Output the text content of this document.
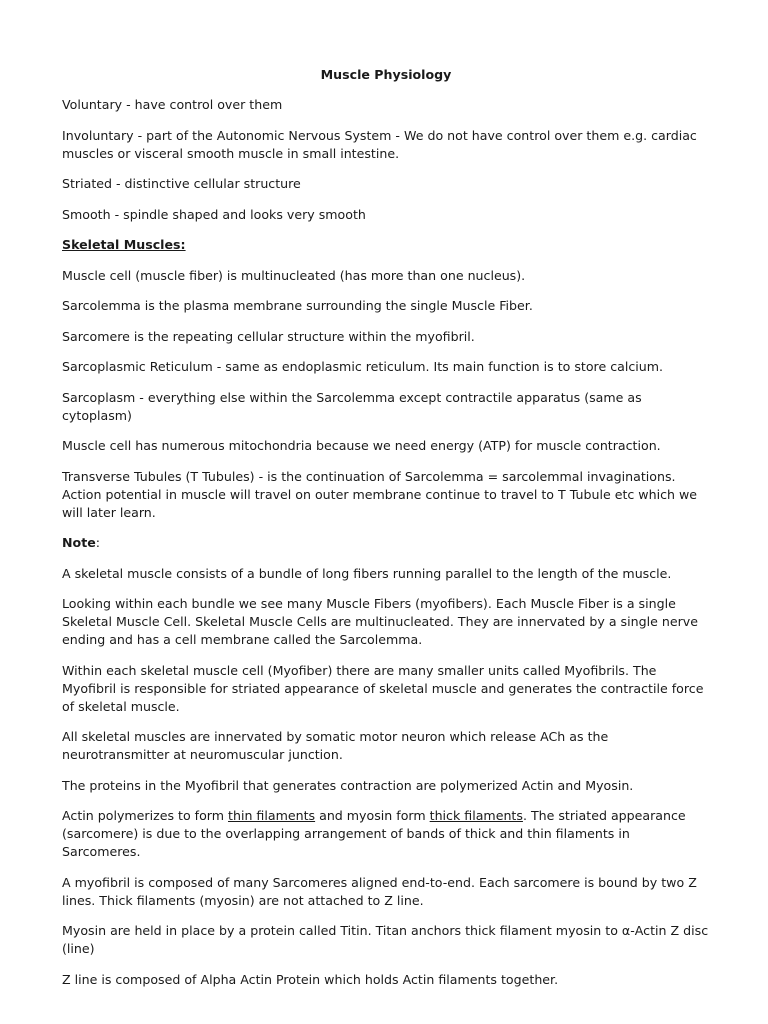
Muscle Physiology
Voluntary - have control over them
Involuntary - part of the Autonomic Nervous System - We do not have control over them e.g. cardiac muscles or visceral smooth muscle in small intestine.
Striated - distinctive cellular structure
Smooth - spindle shaped and looks very smooth
Skeletal Muscles:
Muscle cell (muscle fiber) is multinucleated (has more than one nucleus).
Sarcolemma is the plasma membrane surrounding the single Muscle Fiber.
Sarcomere is the repeating cellular structure within the myofibril.
Sarcoplasmic Reticulum - same as endoplasmic reticulum. Its main function is to store calcium.
Sarcoplasm - everything else within the Sarcolemma except contractile apparatus (same as cytoplasm)
Muscle cell has numerous mitochondria because we need energy (ATP) for muscle contraction.
Transverse Tubules (T Tubules) - is the continuation of Sarcolemma = sarcolemmal invaginations. Action potential in muscle will travel on outer membrane continue to travel to T Tubule etc which we will later learn.
Note:
A skeletal muscle consists of a bundle of long fibers running parallel to the length of the muscle.
Looking within each bundle we see many Muscle Fibers (myofibers). Each Muscle Fiber is a single Skeletal Muscle Cell. Skeletal Muscle Cells are multinucleated. They are innervated by a single nerve ending and has a cell membrane called the Sarcolemma.
Within each skeletal muscle cell (Myofiber) there are many smaller units called Myofibrils. The Myofibril is responsible for striated appearance of skeletal muscle and generates the contractile force of skeletal muscle.
All skeletal muscles are innervated by somatic motor neuron which release ACh as the neurotransmitter at neuromuscular junction.
The proteins in the Myofibril that generates contraction are polymerized Actin and Myosin.
Actin polymerizes to form thin filaments and myosin form thick filaments. The striated appearance (sarcomere) is due to the overlapping arrangement of bands of thick and thin filaments in Sarcomeres.
A myofibril is composed of many Sarcomeres aligned end-to-end. Each sarcomere is bound by two Z lines. Thick filaments (myosin) are not attached to Z line.
Myosin are held in place by a protein called Titin. Titan anchors thick filament myosin to α-Actin Z disc (line)
Z line is composed of Alpha Actin Protein which holds Actin filaments together.
